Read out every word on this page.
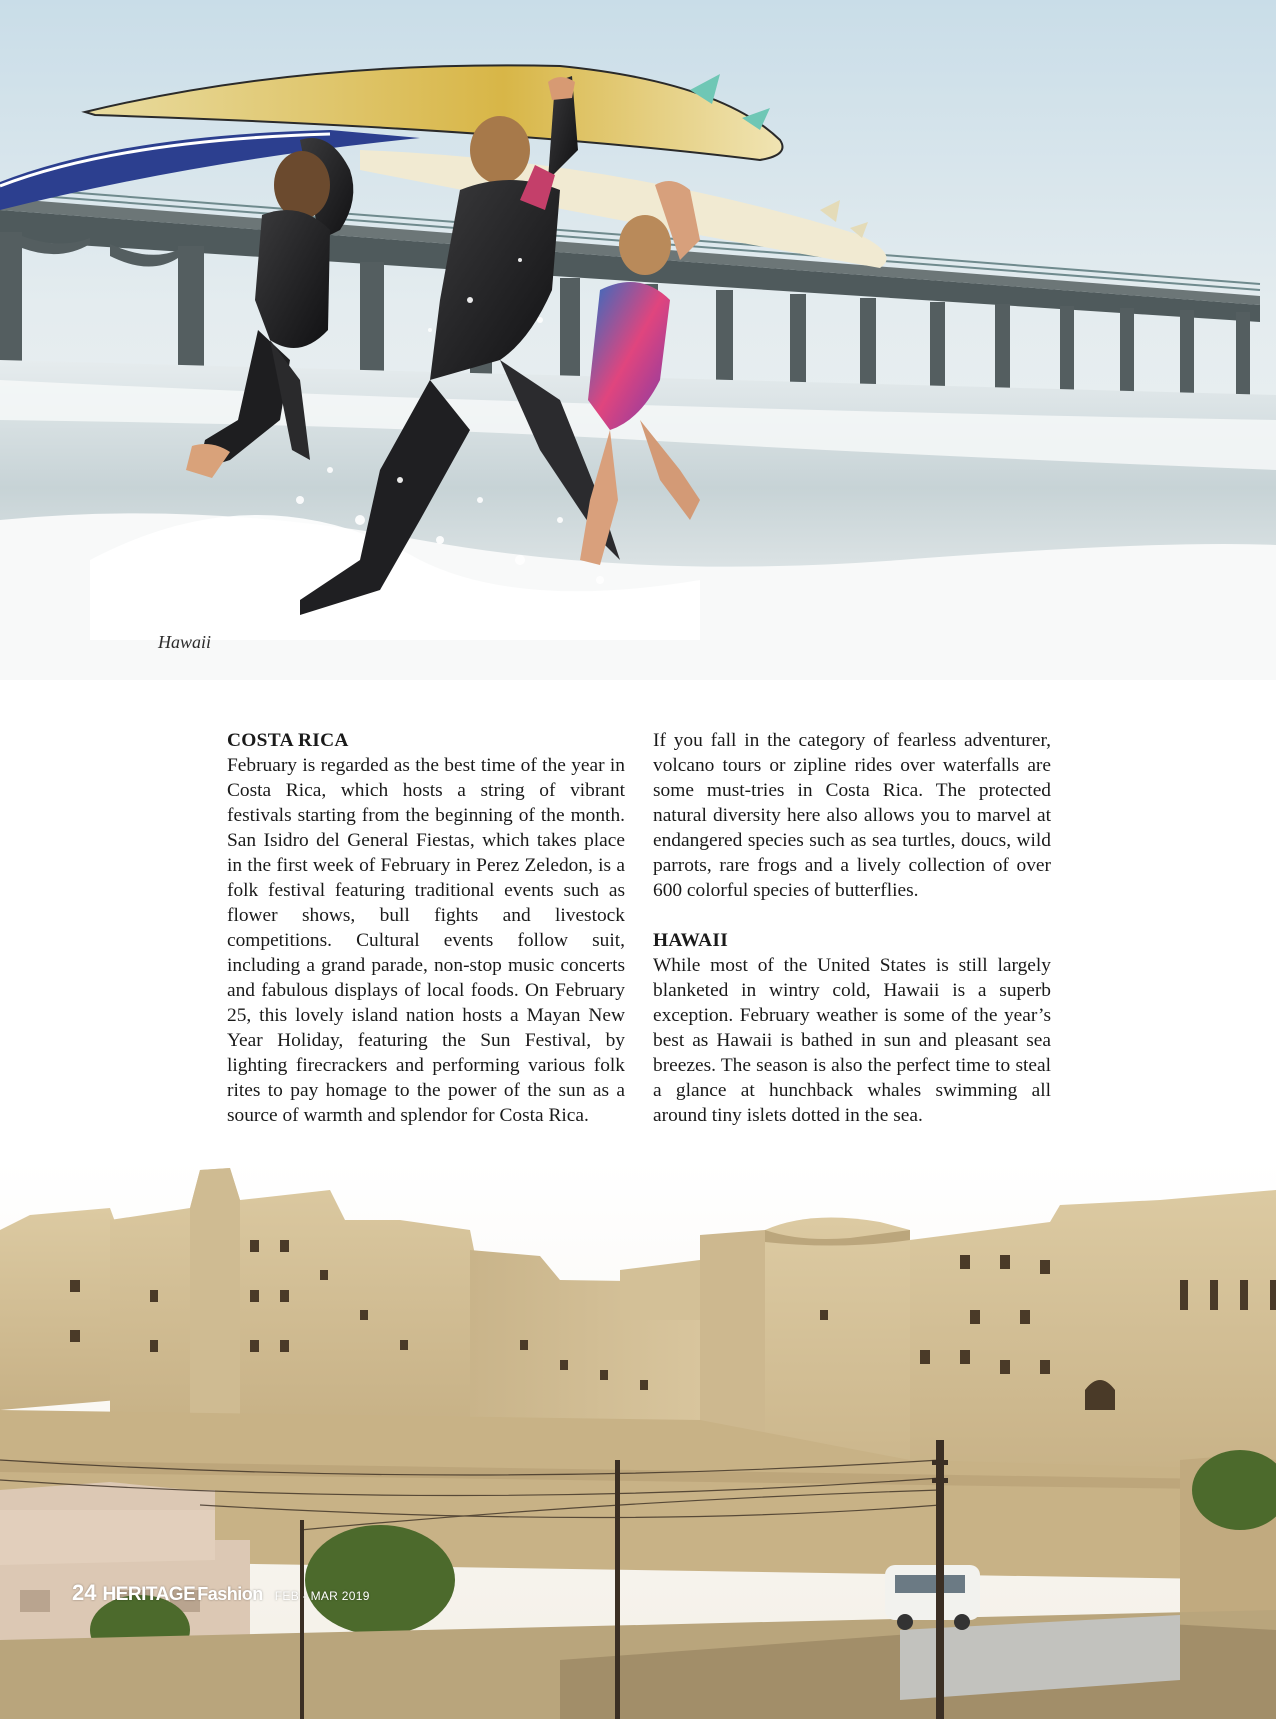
Hawaii
COSTA RICA

February is regarded as the best time of the year in Costa Rica, which hosts a string of vibrant festivals starting from the beginning of the month. San Isidro del General Fiestas, which takes place in the first week of February in Perez Zeledon, is a folk festival featuring traditional events such as flower shows, bull fights and livestock competitions. Cultural events follow suit, including a grand parade, non-stop music concerts and fabulous displays of local foods. On February 25, this lovely island nation hosts a Mayan New Year Holiday, featuring the Sun Festival, by lighting firecrackers and performing various folk rites to pay homage to the power of the sun as a source of warmth and splendor for Costa Rica.

If you fall in the category of fearless adventurer, volcano tours or zipline rides over waterfalls are some must-tries in Costa Rica. The protected natural diversity here also allows you to marvel at endangered species such as sea turtles, doucs, wild parrots, rare frogs and a lively collection of over 600 colorful species of butterflies.

HAWAII

While most of the United States is still largely blanketed in wintry cold, Hawaii is a superb exception. February weather is some of the year’s best as Hawaii is bathed in sun and pleasant sea breezes. The season is also the perfect time to steal a glance at hunchback whales swimming all around tiny islets dotted in the sea.

24 HERITAGE Fashion FEB - MAR 2019
